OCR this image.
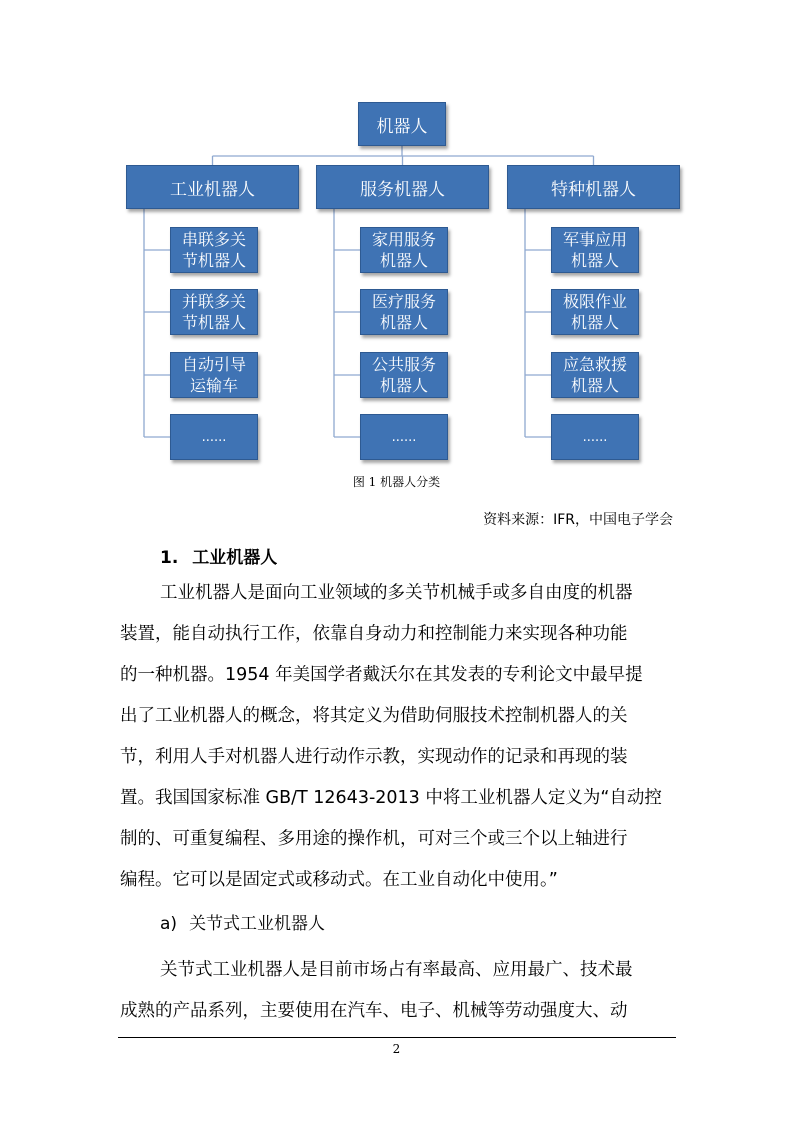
机器人
工业机器人
串联多关
节机器人
并联多关
节机器人
自动引导
运输车
......
服务机器人
家用服务
机器人
医疗服务
机器人
公共服务
机器人
......
特种机器人
军事应用
机器人
极限作业
机器人
应急救援
机器人
......
图 1 机器人分类
资料来源：IFR，中国电子学会
1. 工业机器人
工业机器人是面向工业领域的多关节机械手或多自由度的机器
装置，能自动执行工作，依靠自身动力和控制能力来实现各种功能
的一种机器。1954 年美国学者戴沃尔在其发表的专利论文中最早提
出了工业机器人的概念，将其定义为借助伺服技术控制机器人的关
节，利用人手对机器人进行动作示教，实现动作的记录和再现的装
置。我国国家标准 GB/T 12643-2013 中将工业机器人定义为“自动控
制的、可重复编程、多用途的操作机，可对三个或三个以上轴进行
编程。它可以是固定式或移动式。在工业自动化中使用。”
a) 关节式工业机器人
关节式工业机器人是目前市场占有率最高、应用最广、技术最
成熟的产品系列，主要使用在汽车、电子、机械等劳动强度大、动
2
